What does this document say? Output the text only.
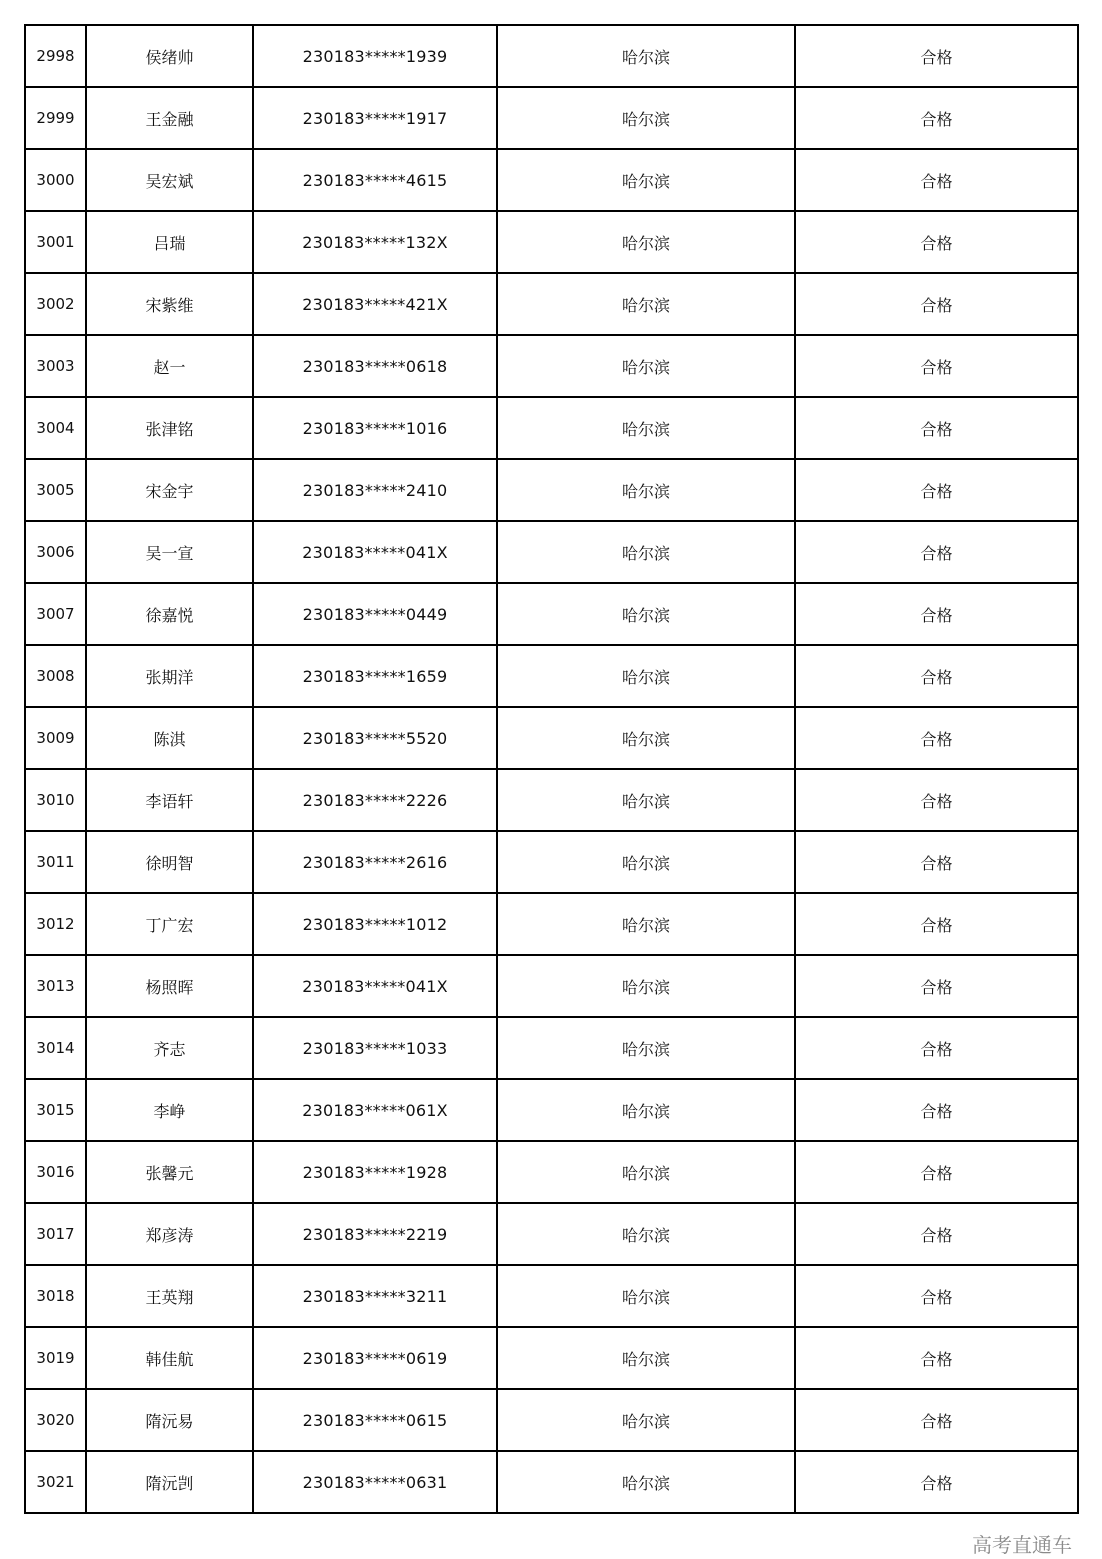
2998	侯绪帅	230183*****1939	哈尔滨	合格
2999	王金融	230183*****1917	哈尔滨	合格
3000	吴宏斌	230183*****4615	哈尔滨	合格
3001	吕瑞	230183*****132X	哈尔滨	合格
3002	宋紫维	230183*****421X	哈尔滨	合格
3003	赵一	230183*****0618	哈尔滨	合格
3004	张津铭	230183*****1016	哈尔滨	合格
3005	宋金宇	230183*****2410	哈尔滨	合格
3006	吴一宣	230183*****041X	哈尔滨	合格
3007	徐嘉悦	230183*****0449	哈尔滨	合格
3008	张期洋	230183*****1659	哈尔滨	合格
3009	陈淇	230183*****5520	哈尔滨	合格
3010	李语轩	230183*****2226	哈尔滨	合格
3011	徐明智	230183*****2616	哈尔滨	合格
3012	丁广宏	230183*****1012	哈尔滨	合格
3013	杨照晖	230183*****041X	哈尔滨	合格
3014	齐志	230183*****1033	哈尔滨	合格
3015	李峥	230183*****061X	哈尔滨	合格
3016	张馨元	230183*****1928	哈尔滨	合格
3017	郑彦涛	230183*****2219	哈尔滨	合格
3018	王英翔	230183*****3211	哈尔滨	合格
3019	韩佳航	230183*****0619	哈尔滨	合格
3020	隋沅易	230183*****0615	哈尔滨	合格
3021	隋沅剀	230183*****0631	哈尔滨	合格
高考直通车
